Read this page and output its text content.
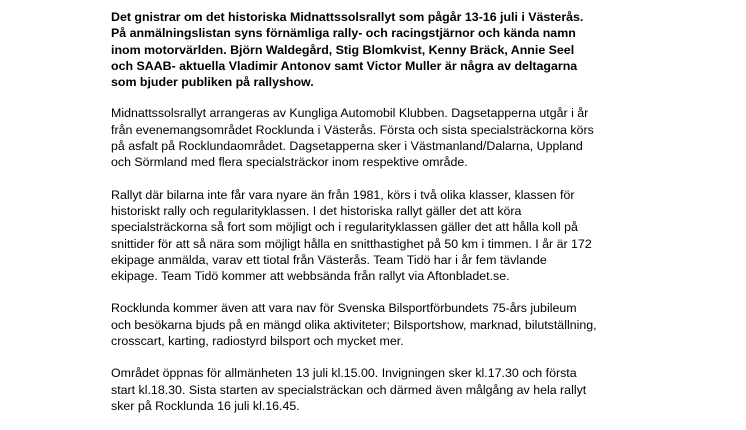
Det gnistrar om det historiska Midnattssolsrallyt som pågår 13-16 juli i Västerås.
På anmälningslistan syns förnämliga rally- och racingstjärnor och kända namn
inom motorvärlden. Björn Waldegård, Stig Blomkvist, Kenny Bräck, Annie Seel
och SAAB- aktuella Vladimir Antonov samt Victor Muller är några av deltagarna
som bjuder publiken på rallyshow.

Midnattssolsrallyt arrangeras av Kungliga Automobil Klubben. Dagsetapperna utgår i år
från evenemangsområdet Rocklunda i Västerås. Första och sista specialsträckorna körs
på asfalt på Rocklundaområdet. Dagsetapperna sker i Västmanland/Dalarna, Uppland
och Sörmland med flera specialsträckor inom respektive område.

Rallyt där bilarna inte får vara nyare än från 1981, körs i två olika klasser, klassen för
historiskt rally och regularityklassen. I det historiska rallyt gäller det att köra
specialsträckorna så fort som möjligt och i regularityklassen gäller det att hålla koll på
snittider för att så nära som möjligt hålla en snitthastighet på 50 km i timmen. I år är 172
ekipage anmälda, varav ett tiotal från Västerås. Team Tidö har i år fem tävlande
ekipage. Team Tidö kommer att webbsända från rallyt via Aftonbladet.se.

Rocklunda kommer även att vara nav för Svenska Bilsportförbundets 75-års jubileum
och besökarna bjuds på en mängd olika aktiviteter; Bilsportshow, marknad, bilutställning,
crosscart, karting, radiostyrd bilsport och mycket mer.

Området öppnas för allmänheten 13 juli kl.15.00. Invigningen sker kl.17.30 och första
start kl.18.30. Sista starten av specialsträckan och därmed även målgång av hela rallyt
sker på Rocklunda 16 juli kl.16.45.
